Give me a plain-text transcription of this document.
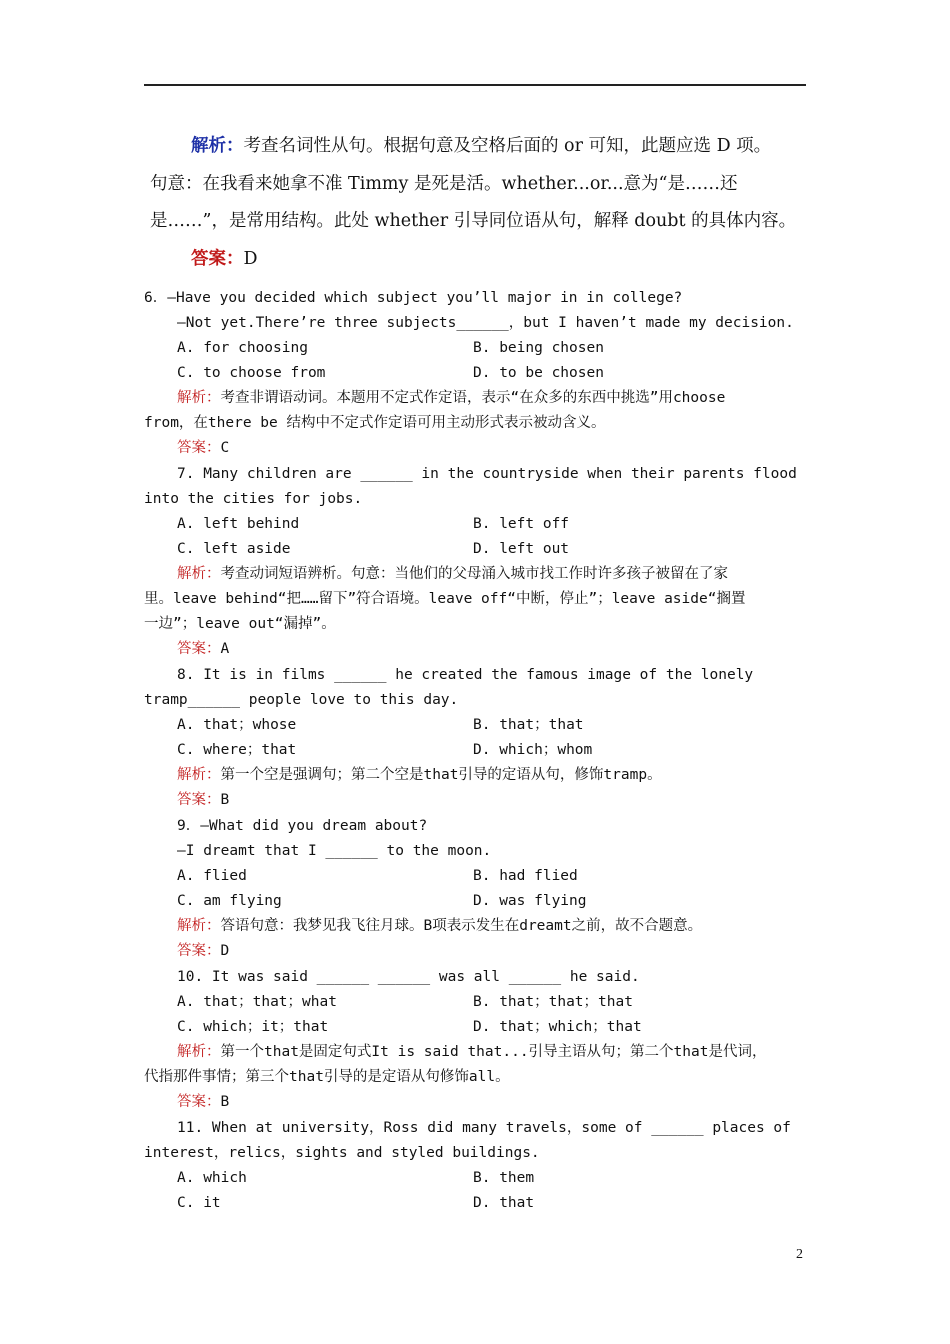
解析：考查名词性从句。根据句意及空格后面的 or 可知，此题应选 D 项。
句意：在我看来她拿不准 Timmy 是死是活。whether...or...意为“是……还
是……”，是常用结构。此处 whether 引导同位语从句，解释 doubt 的具体内容。
答案：D
6．—Have you decided which subject you’ll major in in college?
—Not yet.There’re three subjects______，but I haven’t made my decision.
A. for choosing	B. being chosen
C. to choose from	D. to be chosen
解析：考查非谓语动词。本题用不定式作定语，表示“在众多的东西中挑选”用choose
from，在there be 结构中不定式作定语可用主动形式表示被动含义。
答案：C
7. Many children are ______ in the countryside when their parents flood
into the cities for jobs.
A. left behind	B. left off
C. left aside	D. left out
解析：考查动词短语辨析。句意：当他们的父母涌入城市找工作时许多孩子被留在了家
里。leave behind“把……留下”符合语境。leave off“中断，停止”；leave aside“搁置
一边”；leave out“漏掉”。
答案：A
8. It is in films ______ he created the famous image of the lonely
tramp______ people love to this day.
A. that；whose	B. that；that
C. where；that	D. which；whom
解析：第一个空是强调句；第二个空是that引导的定语从句，修饰tramp。
答案：B
9．—What did you dream about?
—I dreamt that I ______ to the moon.
A. flied	B. had flied
C. am flying	D. was flying
解析：答语句意：我梦见我飞往月球。B项表示发生在dreamt之前，故不合题意。
答案：D
10. It was said ______ ______ was all ______ he said.
A. that；that；what	B. that；that；that
C. which；it；that	D. that；which；that
解析：第一个that是固定句式It is said that...引导主语从句；第二个that是代词，
代指那件事情；第三个that引导的是定语从句修饰all。
答案：B
11. When at university，Ross did many travels，some of ______ places of
interest，relics，sights and styled buildings.
A. which	B. them
C. it	D. that
2
